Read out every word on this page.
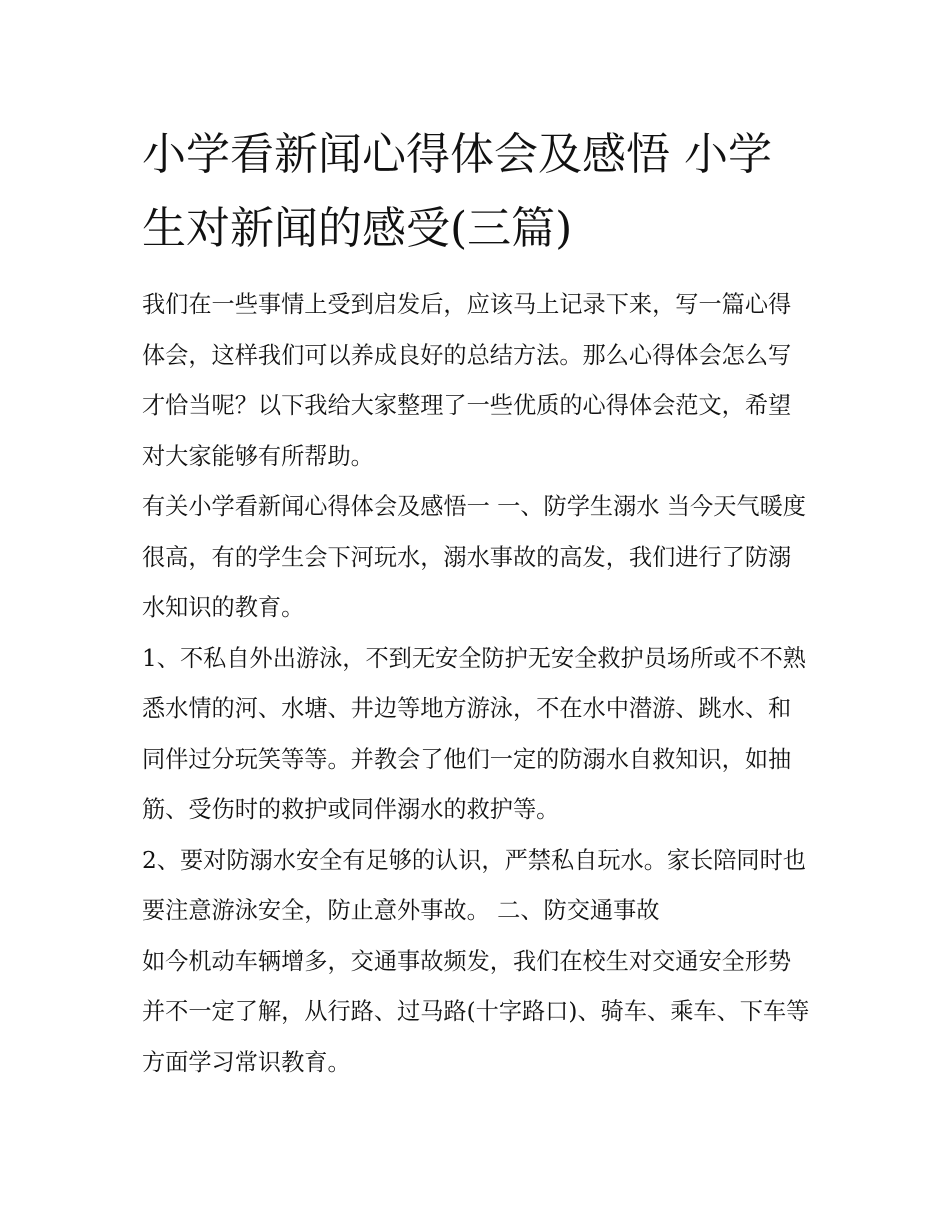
小学看新闻心得体会及感悟 小学生对新闻的感受(三篇)

我们在一些事情上受到启发后，应该马上记录下来，写一篇心得体会，这样我们可以养成良好的总结方法。那么心得体会怎么写才恰当呢？以下我给大家整理了一些优质的心得体会范文，希望对大家能够有所帮助。

有关小学看新闻心得体会及感悟一 一、防学生溺水 当今天气暖度很高，有的学生会下河玩水，溺水事故的高发，我们进行了防溺水知识的教育。

1、不私自外出游泳，不到无安全防护无安全救护员场所或不不熟悉水情的河、水塘、井边等地方游泳，不在水中潜游、跳水、和同伴过分玩笑等等。并教会了他们一定的防溺水自救知识，如抽筋、受伤时的救护或同伴溺水的救护等。

2、要对防溺水安全有足够的认识，严禁私自玩水。家长陪同时也要注意游泳安全，防止意外事故。 二、防交通事故

如今机动车辆增多，交通事故频发，我们在校生对交通安全形势并不一定了解，从行路、过马路(十字路口)、骑车、乘车、下车等方面学习常识教育。
